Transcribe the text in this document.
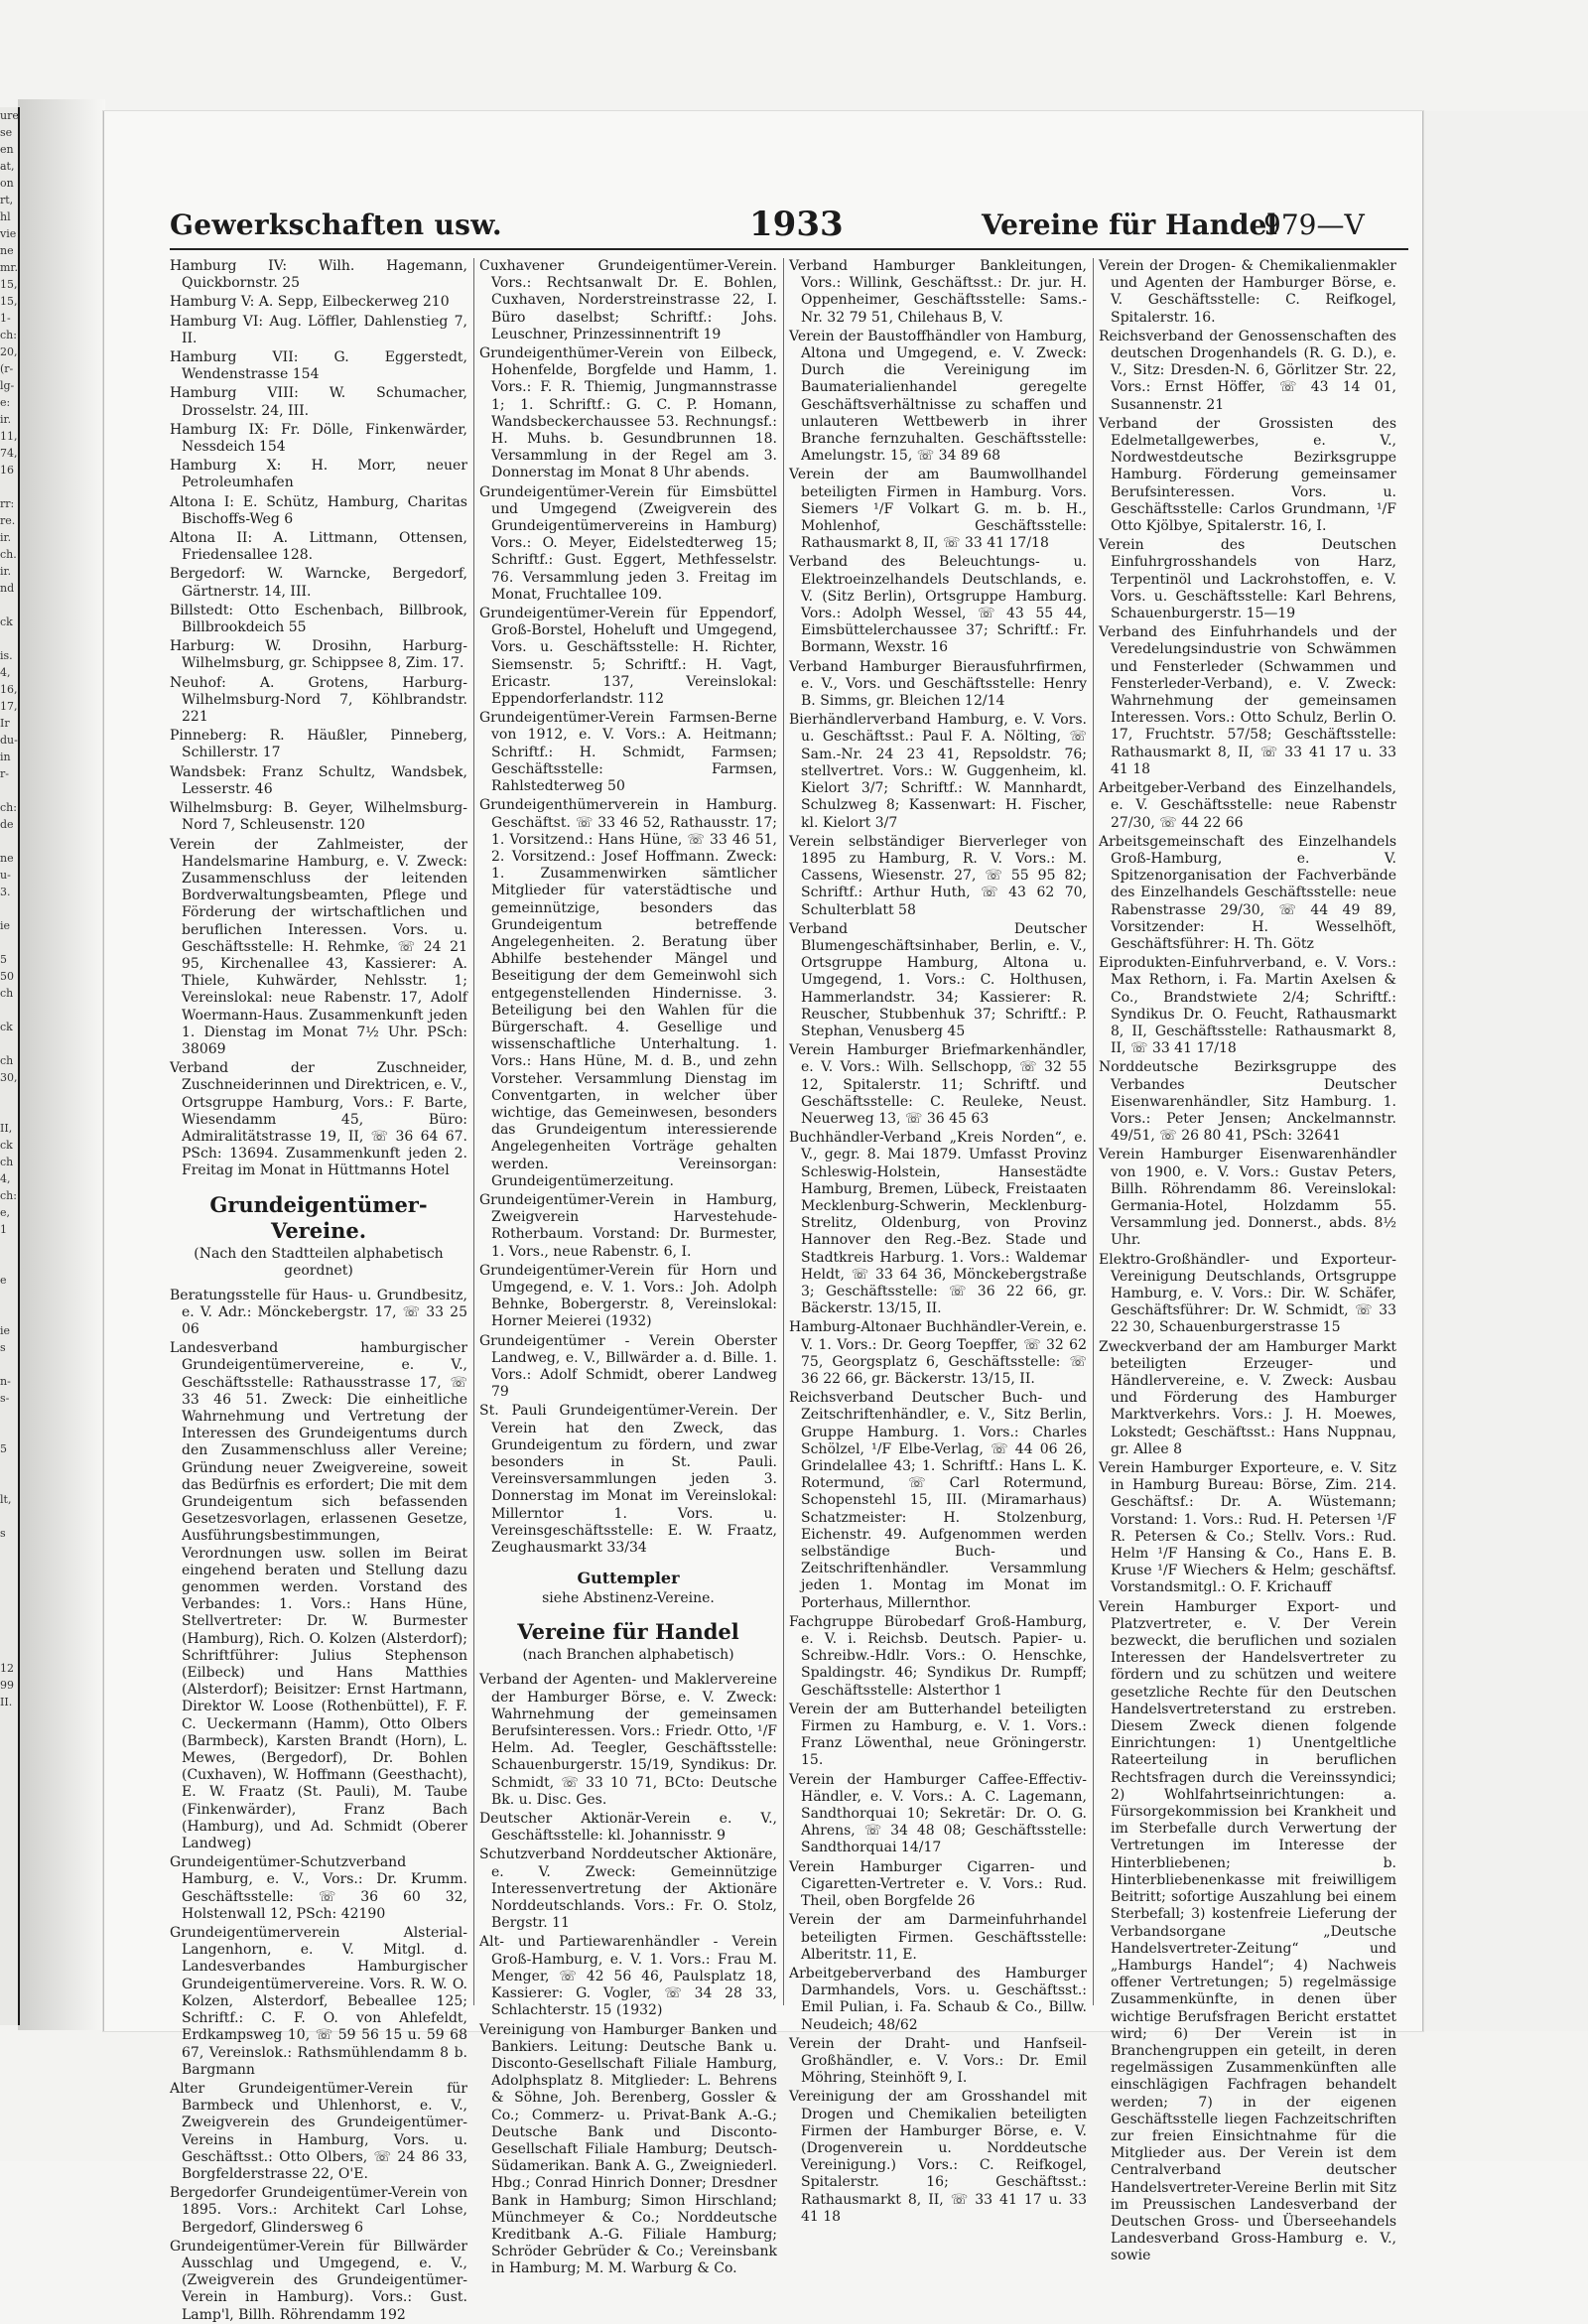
ure
se
en
at,
on
rt,
hl
vie
ne
mr.
15,
15,
1-
ch:
20,
(r-
lg-
e:
ir.
11,
74,
16

rr:
re.
ir.
ch.
ir.
nd

ck

is.
4,
16,
17,
Ir
du-
in
r-

ch:
de

ne
u-
3.

ie

5
50
ch

ck

ch
30,

II,
ck
ch
4,
ch:
e,
1

e

ie
s

n-
s-

5

lt,

s

12
99
II.
Gewerkschaften usw.	1933	Vereine für Handel
979—V
Hamburg IV: Wilh. Hagemann, Quickbornstr. 25
Hamburg V: A. Sepp, Eilbeckerweg 210
Hamburg VI: Aug. Löffler, Dahlenstieg 7, II.
Hamburg VII: G. Eggerstedt, Wendenstrasse 154
Hamburg VIII: W. Schumacher, Drosselstr. 24, III.
Hamburg IX: Fr. Dölle, Finkenwärder, Nessdeich 154
Hamburg X: H. Morr, neuer Petroleumhafen
Altona I: E. Schütz, Hamburg, Charitas Bischoffs-Weg 6
Altona II: A. Littmann, Ottensen, Friedensallee 128.
Bergedorf: W. Warncke, Bergedorf, Gärtnerstr. 14, III.
Billstedt: Otto Eschenbach, Billbrook, Billbrookdeich 55
Harburg: W. Drosihn, Harburg-Wilhelmsburg, gr. Schippsee 8, Zim. 17.
Neuhof: A. Grotens, Harburg-Wilhelmsburg-Nord 7, Köhlbrandstr. 221
Pinneberg: R. Häußler, Pinneberg, Schillerstr. 17
Wandsbek: Franz Schultz, Wandsbek, Lesserstr. 46
Wilhelmsburg: B. Geyer, Wilhelmsburg-Nord 7, Schleusenstr. 120
Verein der Zahlmeister, der Handelsmarine Hamburg, e. V. Zweck: Zusammenschluss der leitenden Bordverwaltungsbeamten, Pflege und Förderung der wirtschaftlichen und beruflichen Interessen. Vors. u. Geschäftsstelle: H. Rehmke, ☏ 24 21 95, Kirchenallee 43, Kassierer: A. Thiele, Kuhwärder, Nehlsstr. 1; Vereinslokal: neue Rabenstr. 17, Adolf Woermann-Haus. Zusammenkunft jeden 1. Dienstag im Monat 7½ Uhr. PSch: 38069
Verband der Zuschneider, Zuschneiderinnen und Direktricen, e. V., Ortsgruppe Hamburg, Vors.: F. Barte, Wiesendamm 45, Büro: Admiralitätstrasse 19, II, ☏ 36 64 67. PSch: 13694. Zusammenkunft jeden 2. Freitag im Monat in Hüttmanns Hotel
Grundeigentümer-Vereine.
(Nach den Stadtteilen alphabetisch geordnet)
Beratungsstelle für Haus- u. Grundbesitz, e. V. Adr.: Mönckebergstr. 17, ☏ 33 25 06
Landesverband hamburgischer Grundeigentümervereine, e. V., Geschäftsstelle: Rathausstrasse 17, ☏ 33 46 51. Zweck: Die einheitliche Wahrnehmung und Vertretung der Interessen des Grundeigentums durch den Zusammenschluss aller Vereine; Gründung neuer Zweigvereine, soweit das Bedürfnis es erfordert; Die mit dem Grundeigentum sich befassenden Gesetzesvorlagen, erlassenen Gesetze, Ausführungsbestimmungen, Verordnungen usw. sollen im Beirat eingehend beraten und Stellung dazu genommen werden. Vorstand des Verbandes: 1. Vors.: Hans Hüne, Stellvertreter: Dr. W. Burmester (Hamburg), Rich. O. Kolzen (Alsterdorf); Schriftführer: Julius Stephenson (Eilbeck) und Hans Matthies (Alsterdorf); Beisitzer: Ernst Hartmann, Direktor W. Loose (Rothenbüttel), F. F. C. Ueckermann (Hamm), Otto Olbers (Barmbeck), Karsten Brandt (Horn), L. Mewes, (Bergedorf), Dr. Bohlen (Cuxhaven), W. Hoffmann (Geesthacht), E. W. Fraatz (St. Pauli), M. Taube (Finkenwärder), Franz Bach (Hamburg), und Ad. Schmidt (Oberer Landweg)
Grundeigentümer-Schutzverband Hamburg, e. V., Vors.: Dr. Krumm. Geschäftsstelle: ☏ 36 60 32, Holstenwall 12, PSch: 42190
Grundeigentümerverein Alsterial-Langenhorn, e. V. Mitgl. d. Landesverbandes Hamburgischer Grundeigentümervereine. Vors. R. W. O. Kolzen, Alsterdorf, Bebeallee 125; Schriftf.: C. F. O. von Ahlefeldt, Erdkampsweg 10, ☏ 59 56 15 u. 59 68 67, Vereinslok.: Rathsmühlendamm 8 b. Bargmann
Alter Grundeigentümer-Verein für Barmbeck und Uhlenhorst, e. V., Zweigverein des Grundeigentümer-Vereins in Hamburg, Vors. u. Geschäftsst.: Otto Olbers, ☏ 24 86 33, Borgfelderstrasse 22, O'E.
Bergedorfer Grundeigentümer-Verein von 1895. Vors.: Architekt Carl Lohse, Bergedorf, Glindersweg 6
Grundeigentümer-Verein für Billwärder Ausschlag und Umgegend, e. V., (Zweigverein des Grundeigentümer-Verein in Hamburg). Vors.: Gust. Lamp'l, Billh. Röhrendamm 192
Cuxhavener Grundeigentümer-Verein. Vors.: Rechtsanwalt Dr. E. Bohlen, Cuxhaven, Norderstreinstrasse 22, I. Büro daselbst; Schriftf.: Johs. Leuschner, Prinzessinnentrift 19
Grundeigenthümer-Verein von Eilbeck, Hohenfelde, Borgfelde und Hamm, 1. Vors.: F. R. Thiemig, Jungmannstrasse 1; 1. Schriftf.: G. C. P. Homann, Wandsbeckerchaussee 53. Rechnungsf.: H. Muhs. b. Gesundbrunnen 18. Versammlung in der Regel am 3. Donnerstag im Monat 8 Uhr abends.
Grundeigentümer-Verein für Eimsbüttel und Umgegend (Zweigverein des Grundeigentümervereins in Hamburg) Vors.: O. Meyer, Eidelstedterweg 15; Schriftf.: Gust. Eggert, Methfesselstr. 76. Versammlung jeden 3. Freitag im Monat, Fruchtallee 109.
Grundeigentümer-Verein für Eppendorf, Groß-Borstel, Hoheluft und Umgegend, Vors. u. Geschäftsstelle: H. Richter, Siemsenstr. 5; Schriftf.: H. Vagt, Ericastr. 137, Vereinslokal: Eppendorferlandstr. 112
Grundeigentümer-Verein Farmsen-Berne von 1912, e. V. Vors.: A. Heitmann; Schriftf.: H. Schmidt, Farmsen; Geschäftsstelle: Farmsen, Rahlstedterweg 50
Grundeigenthümerverein in Hamburg. Geschäftst. ☏ 33 46 52, Rathausstr. 17; 1. Vorsitzend.: Hans Hüne, ☏ 33 46 51, 2. Vorsitzend.: Josef Hoffmann. Zweck: 1. Zusammenwirken sämtlicher Mitglieder für vaterstädtische und gemeinnützige, besonders das Grundeigentum betreffende Angelegenheiten. 2. Beratung über Abhilfe bestehender Mängel und Beseitigung der dem Gemeinwohl sich entgegenstellenden Hindernisse. 3. Beteiligung bei den Wahlen für die Bürgerschaft. 4. Gesellige und wissenschaftliche Unterhaltung. 1. Vors.: Hans Hüne, M. d. B., und zehn Vorsteher. Versammlung Dienstag im Conventgarten, in welcher über wichtige, das Gemeinwesen, besonders das Grundeigentum interessierende Angelegenheiten Vorträge gehalten werden. Vereinsorgan: Grundeigentümerzeitung.
Grundeigentümer-Verein in Hamburg, Zweigverein Harvestehude-Rotherbaum. Vorstand: Dr. Burmester, 1. Vors., neue Rabenstr. 6, I.
Grundeigentümer-Verein für Horn und Umgegend, e. V. 1. Vors.: Joh. Adolph Behnke, Bobergerstr. 8, Vereinslokal: Horner Meierei (1932)
Grundeigentümer - Verein Oberster Landweg, e. V., Billwärder a. d. Bille. 1. Vors.: Adolf Schmidt, oberer Landweg 79
St. Pauli Grundeigentümer-Verein. Der Verein hat den Zweck, das Grundeigentum zu fördern, und zwar besonders in St. Pauli. Vereinsversammlungen jeden 3. Donnerstag im Monat im Vereinslokal: Millerntor 1. Vors. u. Vereinsgeschäftsstelle: E. W. Fraatz, Zeughausmarkt 33/34
Guttempler
siehe Abstinenz-Vereine.
Vereine für Handel
(nach Branchen alphabetisch)
Verband der Agenten- und Maklervereine der Hamburger Börse, e. V. Zweck: Wahrnehmung der gemeinsamen Berufsinteressen. Vors.: Friedr. Otto, ¹/F Helm. Ad. Teegler, Geschäftsstelle: Schauenburgerstr. 15/19, Syndikus: Dr. Schmidt, ☏ 33 10 71, BCto: Deutsche Bk. u. Disc. Ges.
Deutscher Aktionär-Verein e. V., Geschäftsstelle: kl. Johannisstr. 9
Schutzverband Norddeutscher Aktionäre, e. V. Zweck: Gemeinnützige Interessenvertretung der Aktionäre Norddeutschlands. Vors.: Fr. O. Stolz, Bergstr. 11
Alt- und Partiewarenhändler - Verein Groß-Hamburg, e. V. 1. Vors.: Frau M. Menger, ☏ 42 56 46, Paulsplatz 18, Kassierer: G. Vogler, ☏ 34 28 33, Schlachterstr. 15 (1932)
Vereinigung von Hamburger Banken und Bankiers. Leitung: Deutsche Bank u. Disconto-Gesellschaft Filiale Hamburg, Adolphsplatz 8. Mitglieder: L. Behrens & Söhne, Joh. Berenberg, Gossler & Co.; Commerz- u. Privat-Bank A.-G.; Deutsche Bank und Disconto-Gesellschaft Filiale Hamburg; Deutsch-Südamerikan. Bank A. G., Zweigniederl. Hbg.; Conrad Hinrich Donner; Dresdner Bank in Hamburg; Simon Hirschland; Münchmeyer & Co.; Norddeutsche Kreditbank A.-G. Filiale Hamburg; Schröder Gebrüder & Co.; Vereinsbank in Hamburg; M. M. Warburg & Co.
Verband Hamburger Bankleitungen, Vors.: Willink, Geschäftsst.: Dr. jur. H. Oppenheimer, Geschäftsstelle: Sams.-Nr. 32 79 51, Chilehaus B, V.
Verein der Baustoffhändler von Hamburg, Altona und Umgegend, e. V. Zweck: Durch die Vereinigung im Baumaterialienhandel geregelte Geschäftsverhältnisse zu schaffen und unlauteren Wettbewerb in ihrer Branche fernzuhalten. Geschäftsstelle: Amelungstr. 15, ☏ 34 89 68
Verein der am Baumwollhandel beteiligten Firmen in Hamburg. Vors. Siemers ¹/F Volkart G. m. b. H., Mohlenhof, Geschäftsstelle: Rathausmarkt 8, II, ☏ 33 41 17/18
Verband des Beleuchtungs- u. Elektroeinzelhandels Deutschlands, e. V. (Sitz Berlin), Ortsgruppe Hamburg. Vors.: Adolph Wessel, ☏ 43 55 44, Eimsbüttelerchaussee 37; Schriftf.: Fr. Bormann, Wexstr. 16
Verband Hamburger Bierausfuhrfirmen, e. V., Vors. und Geschäftsstelle: Henry B. Simms, gr. Bleichen 12/14
Bierhändlerverband Hamburg, e. V. Vors. u. Geschäftsst.: Paul F. A. Nölting, ☏ Sam.-Nr. 24 23 41, Repsoldstr. 76; stellvertret. Vors.: W. Guggenheim, kl. Kielort 3/7; Schriftf.: W. Mannhardt, Schulzweg 8; Kassenwart: H. Fischer, kl. Kielort 3/7
Verein selbständiger Bierverleger von 1895 zu Hamburg, R. V. Vors.: M. Cassens, Wiesenstr. 27, ☏ 55 95 82; Schriftf.: Arthur Huth, ☏ 43 62 70, Schulterblatt 58
Verband Deutscher Blumengeschäftsinhaber, Berlin, e. V., Ortsgruppe Hamburg, Altona u. Umgegend, 1. Vors.: C. Holthusen, Hammerlandstr. 34; Kassierer: R. Reuscher, Stubbenhuk 37; Schriftf.: P. Stephan, Venusberg 45
Verein Hamburger Briefmarkenhändler, e. V. Vors.: Wilh. Sellschopp, ☏ 32 55 12, Spitalerstr. 11; Schriftf. und Geschäftsstelle: C. Reuleke, Neust. Neuerweg 13, ☏ 36 45 63
Buchhändler-Verband „Kreis Norden“, e. V., gegr. 8. Mai 1879. Umfasst Provinz Schleswig-Holstein, Hansestädte Hamburg, Bremen, Lübeck, Freistaaten Mecklenburg-Schwerin, Mecklenburg-Strelitz, Oldenburg, von Provinz Hannover den Reg.-Bez. Stade und Stadtkreis Harburg. 1. Vors.: Waldemar Heldt, ☏ 33 64 36, Mönckebergstraße 3; Geschäftsstelle: ☏ 36 22 66, gr. Bäckerstr. 13/15, II.
Hamburg-Altonaer Buchhändler-Verein, e. V. 1. Vors.: Dr. Georg Toepffer, ☏ 32 62 75, Georgsplatz 6, Geschäftsstelle: ☏ 36 22 66, gr. Bäckerstr. 13/15, II.
Reichsverband Deutscher Buch- und Zeitschriftenhändler, e. V., Sitz Berlin, Gruppe Hamburg. 1. Vors.: Charles Schölzel, ¹/F Elbe-Verlag, ☏ 44 06 26, Grindelallee 43; 1. Schriftf.: Hans L. K. Rotermund, ☏ Carl Rotermund, Schopenstehl 15, III. (Miramarhaus) Schatzmeister: H. Stolzenburg, Eichenstr. 49. Aufgenommen werden selbständige Buch- und Zeitschriftenhändler. Versammlung jeden 1. Montag im Monat im Porterhaus, Millernthor.
Fachgruppe Bürobedarf Groß-Hamburg, e. V. i. Reichsb. Deutsch. Papier- u. Schreibw.-Hdlr. Vors.: O. Henschke, Spaldingstr. 46; Syndikus Dr. Rumpff; Geschäftsstelle: Alsterthor 1
Verein der am Butterhandel beteiligten Firmen zu Hamburg, e. V. 1. Vors.: Franz Löwenthal, neue Gröningerstr. 15.
Verein der Hamburger Caffee-Effectiv-Händler, e. V. Vors.: A. C. Lagemann, Sandthorquai 10; Sekretär: Dr. O. G. Ahrens, ☏ 34 48 08; Geschäftsstelle: Sandthorquai 14/17
Verein Hamburger Cigarren- und Cigaretten-Vertreter e. V. Vors.: Rud. Theil, oben Borgfelde 26
Verein der am Darmeinfuhrhandel beteiligten Firmen. Geschäftsstelle: Alberitstr. 11, E.
Arbeitgeberverband des Hamburger Darmhandels, Vors. u. Geschäftsst.: Emil Pulian, i. Fa. Schaub & Co., Billw. Neudeich; 48/62
Verein der Draht- und Hanfseil-Großhändler, e. V. Vors.: Dr. Emil Möhring, Steinhöft 9, I.
Vereinigung der am Grosshandel mit Drogen und Chemikalien beteiligten Firmen der Hamburger Börse, e. V. (Drogenverein u. Norddeutsche Vereinigung.) Vors.: C. Reifkogel, Spitalerstr. 16; Geschäftsst.: Rathausmarkt 8, II, ☏ 33 41 17 u. 33 41 18
Verein der Drogen- & Chemikalienmakler und Agenten der Hamburger Börse, e. V. Geschäftsstelle: C. Reifkogel, Spitalerstr. 16.
Reichsverband der Genossenschaften des deutschen Drogenhandels (R. G. D.), e. V., Sitz: Dresden-N. 6, Görlitzer Str. 22, Vors.: Ernst Höffer, ☏ 43 14 01, Susannenstr. 21
Verband der Grossisten des Edelmetallgewerbes, e. V., Nordwestdeutsche Bezirksgruppe Hamburg. Förderung gemeinsamer Berufsinteressen. Vors. u. Geschäftsstelle: Carlos Grundmann, ¹/F Otto Kjölbye, Spitalerstr. 16, I.
Verein des Deutschen Einfuhrgrosshandels von Harz, Terpentinöl und Lackrohstoffen, e. V. Vors. u. Geschäftsstelle: Karl Behrens, Schauenburgerstr. 15—19
Verband des Einfuhrhandels und der Veredelungsindustrie von Schwämmen und Fensterleder (Schwammen und Fensterleder-Verband), e. V. Zweck: Wahrnehmung der gemeinsamen Interessen. Vors.: Otto Schulz, Berlin O. 17, Fruchtstr. 57/58; Geschäftsstelle: Rathausmarkt 8, II, ☏ 33 41 17 u. 33 41 18
Arbeitgeber-Verband des Einzelhandels, e. V. Geschäftsstelle: neue Rabenstr 27/30, ☏ 44 22 66
Arbeitsgemeinschaft des Einzelhandels Groß-Hamburg, e. V. Spitzenorganisation der Fachverbände des Einzelhandels Geschäftsstelle: neue Rabenstrasse 29/30, ☏ 44 49 89, Vorsitzender: H. Wesselhöft, Geschäftsführer: H. Th. Götz
Eiprodukten-Einfuhrverband, e. V. Vors.: Max Rethorn, i. Fa. Martin Axelsen & Co., Brandstwiete 2/4; Schriftf.: Syndikus Dr. O. Feucht, Rathausmarkt 8, II, Geschäftsstelle: Rathausmarkt 8, II, ☏ 33 41 17/18
Norddeutsche Bezirksgruppe des Verbandes Deutscher Eisenwarenhändler, Sitz Hamburg. 1. Vors.: Peter Jensen; Anckelmannstr. 49/51, ☏ 26 80 41, PSch: 32641
Verein Hamburger Eisenwarenhändler von 1900, e. V. Vors.: Gustav Peters, Billh. Röhrendamm 86. Vereinslokal: Germania-Hotel, Holzdamm 55. Versammlung jed. Donnerst., abds. 8½ Uhr.
Elektro-Großhändler- und Exporteur-Vereinigung Deutschlands, Ortsgruppe Hamburg, e. V. Vors.: Dir. W. Schäfer, Geschäftsführer: Dr. W. Schmidt, ☏ 33 22 30, Schauenburgerstrasse 15
Zweckverband der am Hamburger Markt beteiligten Erzeuger- und Händlervereine, e. V. Zweck: Ausbau und Förderung des Hamburger Marktverkehrs. Vors.: J. H. Moewes, Lokstedt; Geschäftsst.: Hans Nuppnau, gr. Allee 8
Verein Hamburger Exporteure, e. V. Sitz in Hamburg Bureau: Börse, Zim. 214. Geschäftsf.: Dr. A. Wüstemann; Vorstand: 1. Vors.: Rud. H. Petersen ¹/F R. Petersen & Co.; Stellv. Vors.: Rud. Helm ¹/F Hansing & Co., Hans E. B. Kruse ¹/F Wiechers & Helm; geschäftsf. Vorstandsmitgl.: O. F. Krichauff
Verein Hamburger Export- und Platzvertreter, e. V. Der Verein bezweckt, die beruflichen und sozialen Interessen der Handelsvertreter zu fördern und zu schützen und weitere gesetzliche Rechte für den Deutschen Handelsvertreterstand zu erstreben. Diesem Zweck dienen folgende Einrichtungen: 1) Unentgeltliche Rateerteilung in beruflichen Rechtsfragen durch die Vereinssyndici; 2) Wohlfahrtseinrichtungen: a. Fürsorgekommission bei Krankheit und im Sterbefalle durch Verwertung der Vertretungen im Interesse der Hinterbliebenen; b. Hinterbliebenenkasse mit freiwilligem Beitritt; sofortige Auszahlung bei einem Sterbefall; 3) kostenfreie Lieferung der Verbandsorgane „Deutsche Handelsvertreter-Zeitung“ und „Hamburgs Handel“; 4) Nachweis offener Vertretungen; 5) regelmässige Zusammenkünfte, in denen über wichtige Berufsfragen Bericht erstattet wird; 6) Der Verein ist in Branchengruppen ein geteilt, in deren regelmässigen Zusammenkünften alle einschlägigen Fachfragen behandelt werden; 7) in der eigenen Geschäftsstelle liegen Fachzeitschriften zur freien Einsichtnahme für die Mitglieder aus. Der Verein ist dem Centralverband deutscher Handelsvertreter-Vereine Berlin mit Sitz im Preussischen Landesverband der Deutschen Gross- und Überseehandels Landesverband Gross-Hamburg e. V., sowie
